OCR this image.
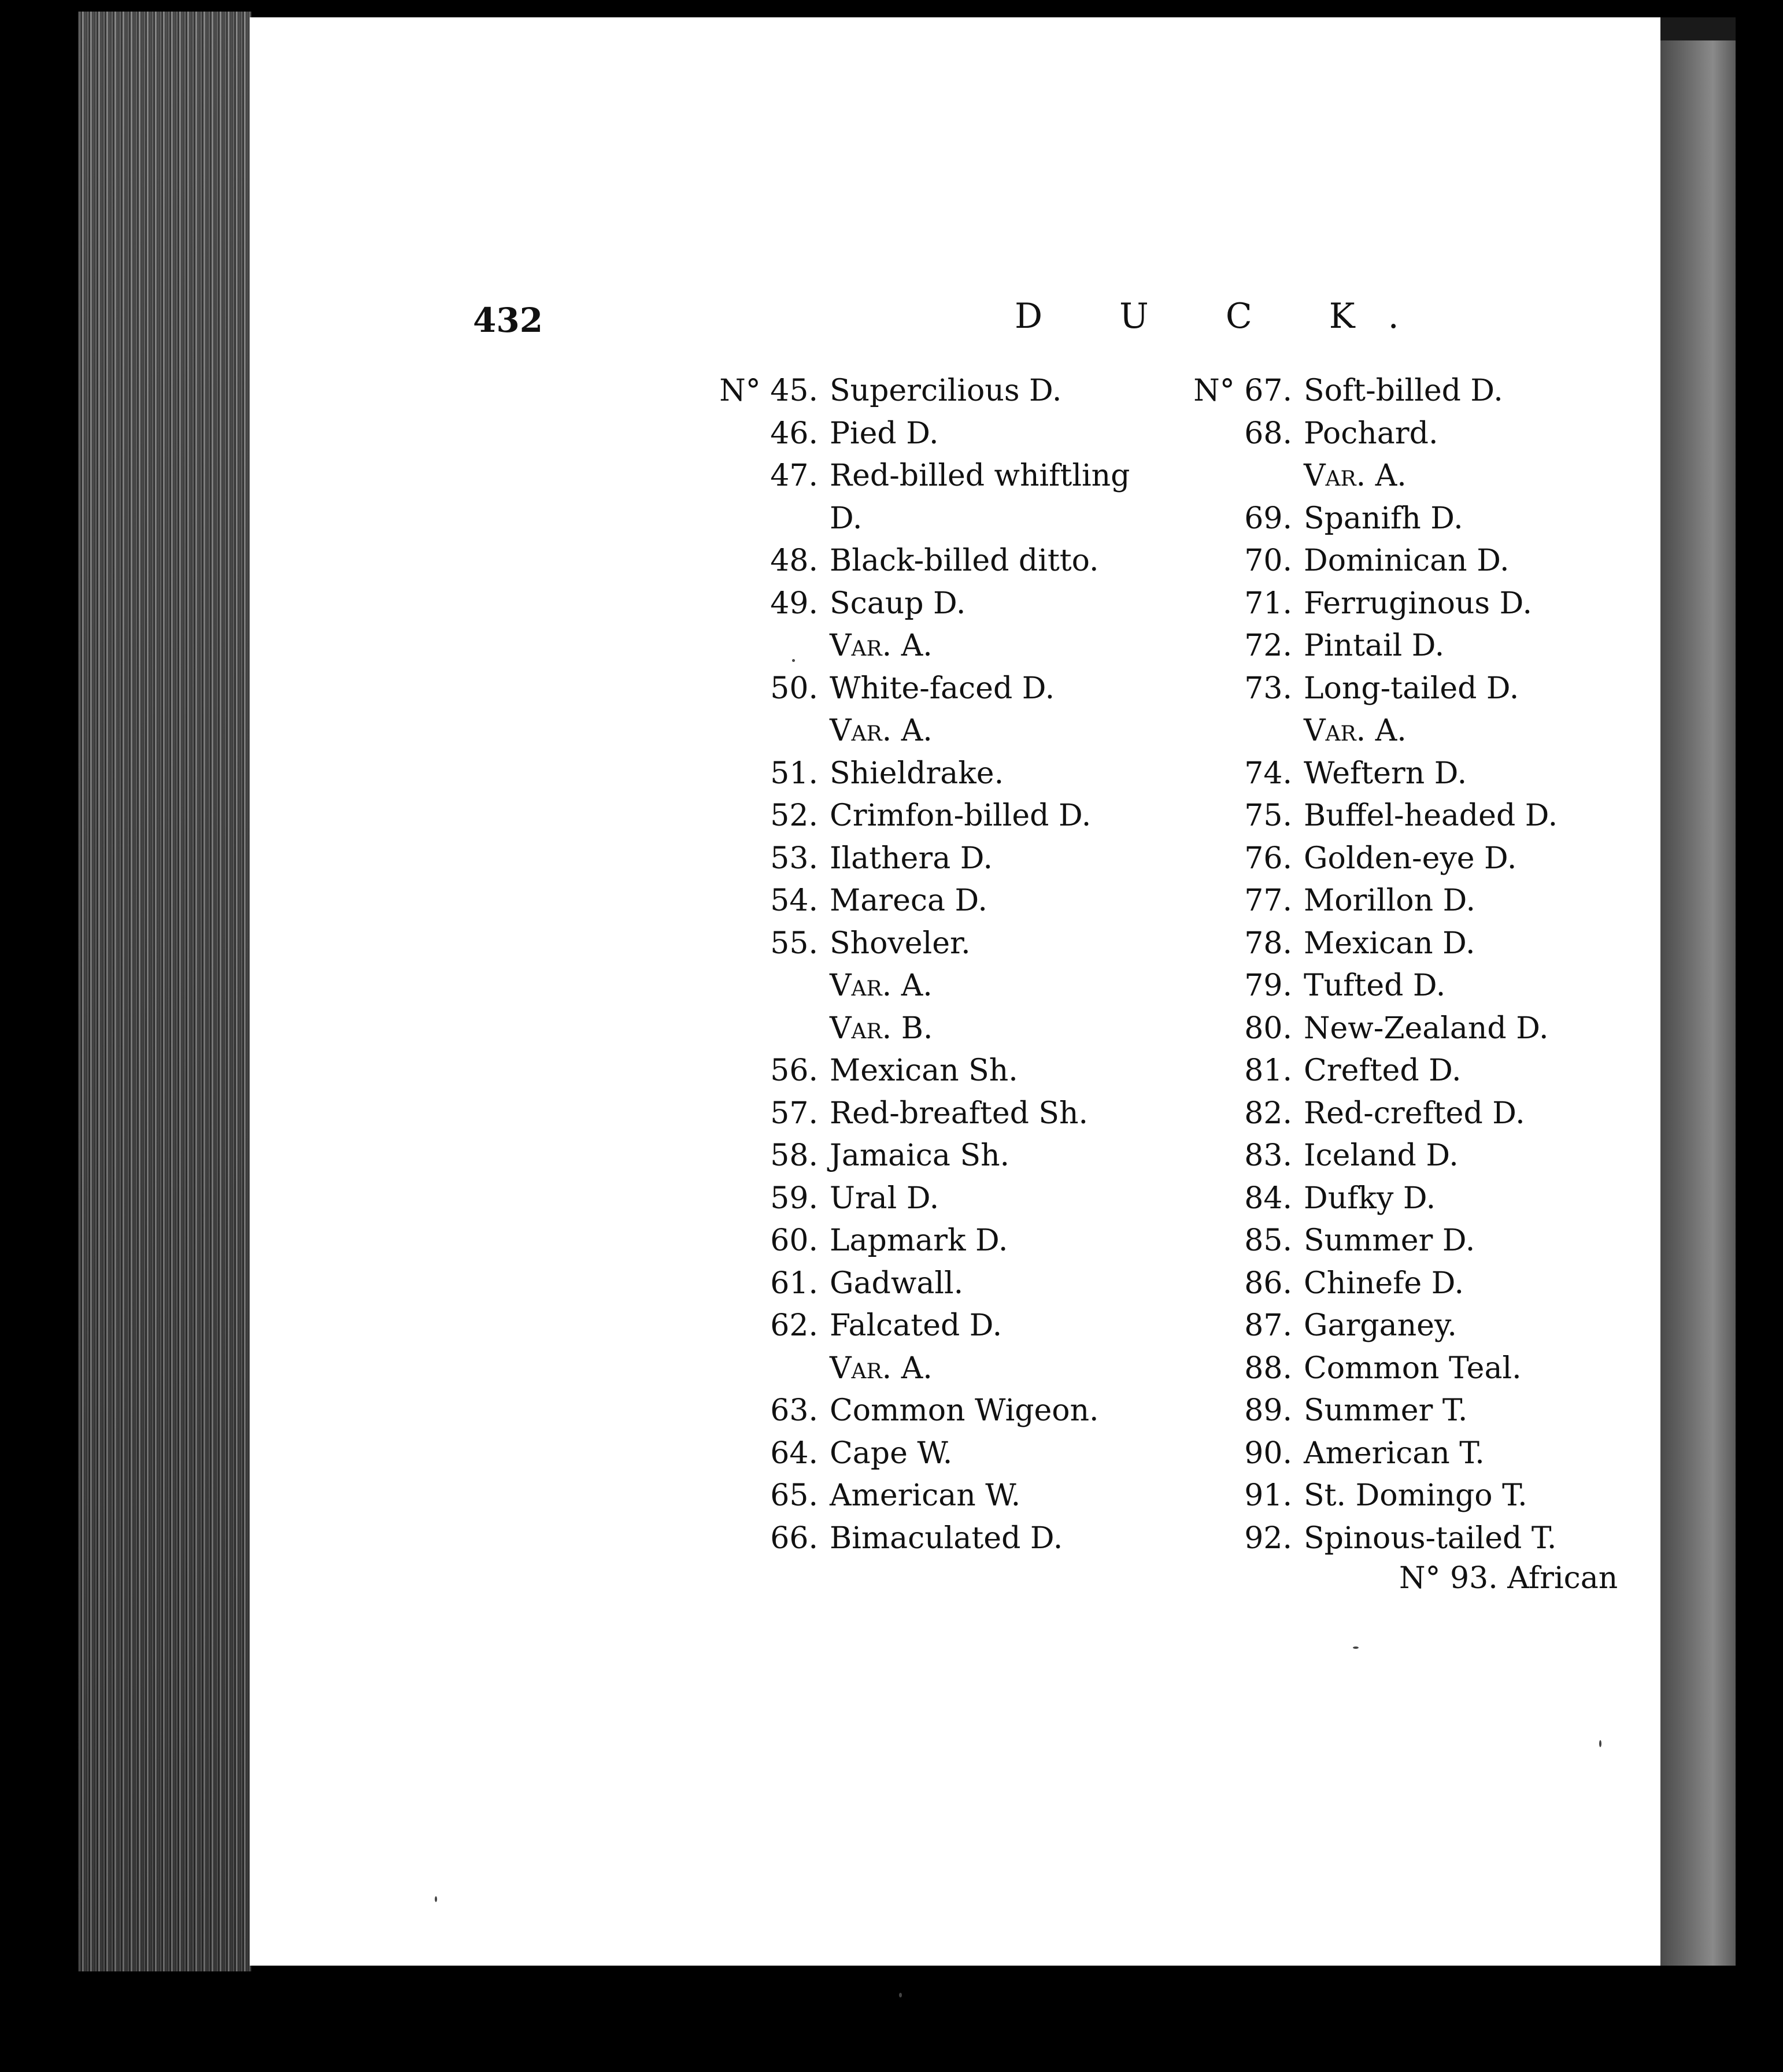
432	D U C K.
N° 45. Supercilious D.
46. Pied D.
47. Red-billed whiftling
D.
48. Black-billed ditto.
49. Scaup D.
Var. A.
50. White-faced D.
Var. A.
51. Shieldrake.
52. Crimfon-billed D.
53. Ilathera D.
54. Mareca D.
55. Shoveler.
Var. A.
Var. B.
56. Mexican Sh.
57. Red-breafted Sh.
58. Jamaica Sh.
59. Ural D.
60. Lapmark D.
61. Gadwall.
62. Falcated D.
Var. A.
63. Common Wigeon.
64. Cape W.
65. American W.
66. Bimaculated D.
N° 67. Soft-billed D.
68. Pochard.
Var. A.
69. Spanifh D.
70. Dominican D.
71. Ferruginous D.
72. Pintail D.
73. Long-tailed D.
Var. A.
74. Weftern D.
75. Buffel-headed D.
76. Golden-eye D.
77. Morillon D.
78. Mexican D.
79. Tufted D.
80. New-Zealand D.
81. Crefted D.
82. Red-crefted D.
83. Iceland D.
84. Dufky D.
85. Summer D.
86. Chinefe D.
87. Garganey.
88. Common Teal.
89. Summer T.
90. American T.
91. St. Domingo T.
92. Spinous-tailed T.
N° 93. African
